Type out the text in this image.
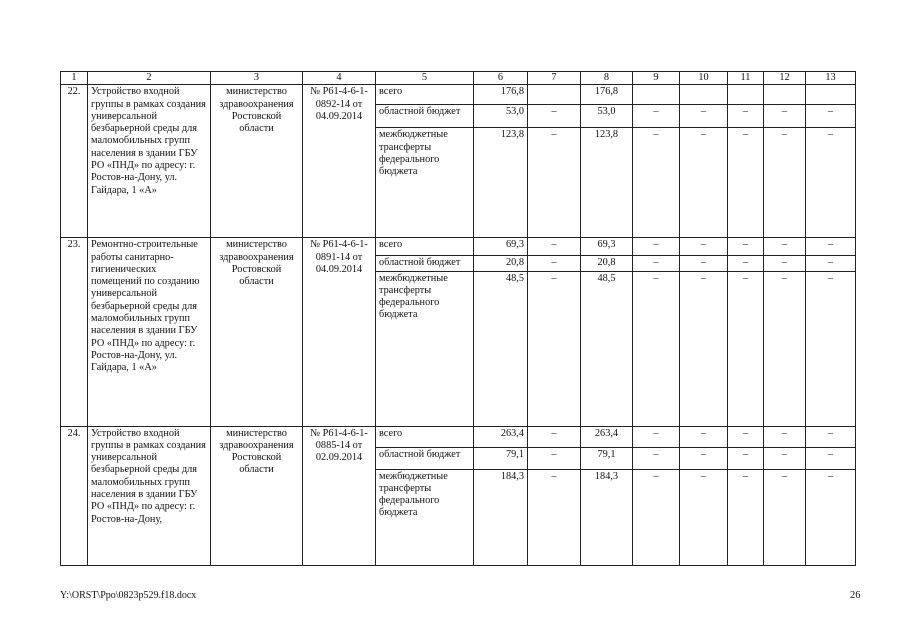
1	2	3	4	5	6	7	8	9	10	11	12	13
22.	Устройство входной группы в рамках создания универсальной безбарьерной среды для маломобильных групп населения в здании ГБУ РО «ПНД» по адресу: г. Ростов-на-Дону, ул. Гайдара, 1 «А»	министерство здравоохранения Ростовской области	№ Р61-4-6-1-0892-14 от 04.09.2014	всего	176,8		176,8					
				областной бюджет	53,0	–	53,0	–	–	–	–	–
				межбюджетные трансферты федерального бюджета	123,8	–	123,8	–	–	–	–	–
23.	Ремонтно-строительные работы санитарно-гигиенических помещений по созданию универсальной безбарьерной среды для маломобильных групп населения в здании ГБУ РО «ПНД» по адресу: г. Ростов-на-Дону, ул. Гайдара, 1 «А»	министерство здравоохранения Ростовской области	№ Р61-4-6-1-0891-14 от 04.09.2014	всего	69,3	–	69,3	–	–	–	–	–
				областной бюджет	20,8	–	20,8	–	–	–	–	–
				межбюджетные трансферты федерального бюджета	48,5	–	48,5	–	–	–	–	–
24.	Устройство входной группы в рамках создания универсальной безбарьерной среды для маломобильных групп населения в здании ГБУ РО «ПНД» по адресу: г. Ростов-на-Дону,	министерство здравоохранения Ростовской области	№ Р61-4-6-1-0885-14 от 02.09.2014	всего	263,4	–	263,4	–	–	–	–	–
				областной бюджет	79,1	–	79,1	–	–	–	–	–
				межбюджетные трансферты федерального бюджета	184,3	–	184,3	–	–	–	–	–
Y:\ORST\Ppo\0823p529.f18.docx	26
